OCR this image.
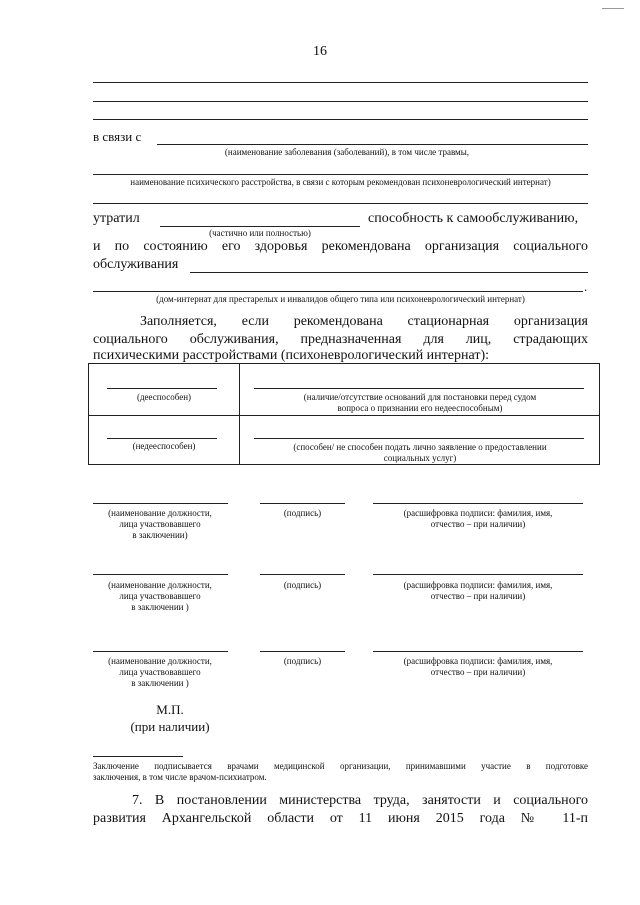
16
в связи с
(наименование заболевания (заболеваний), в том числе травмы,
наименование психического расстройства, в связи с которым рекомендован психоневрологический интернат)
утратил
(частично или полностью)
способность к самообслуживанию,
и по состоянию его здоровья рекомендована организация социального
обслуживания
.
(дом-интернат для престарелых и инвалидов общего типа или психоневрологический интернат)
Заполняется, если рекомендована стационарная организация
социального обслуживания, предназначенная для лиц, страдающих
психическими расстройствами (психоневрологический интернат):
(дееспособен)	(наличие/отсутствие оснований для постановки перед судом
вопроса о признании его недееспособным)

(недееспособен)	(способен/ не способен подать лично заявление о предоставлении
социальных услуг)
(наименование должности,
лица участвовавшего
в заключении)
(подпись)	(расшифровка подписи: фамилия, имя,
отчество – при наличии)
(наименование должности,
лица участвовавшего
в заключении )
(подпись)	(расшифровка подписи: фамилия, имя,
отчество – при наличии)
(наименование должности,
лица участвовавшего
в заключении )
(подпись)	(расшифровка подписи: фамилия, имя,
отчество – при наличии)
М.П.
(при наличии)
Заключение подписывается врачами медицинской организации, принимавшими участие в подготовке
заключения, в том числе врачом-психиатром.
7. В постановлении министерства труда, занятости и социального
развития Архангельской области от 11 июня 2015 года № 11-п
